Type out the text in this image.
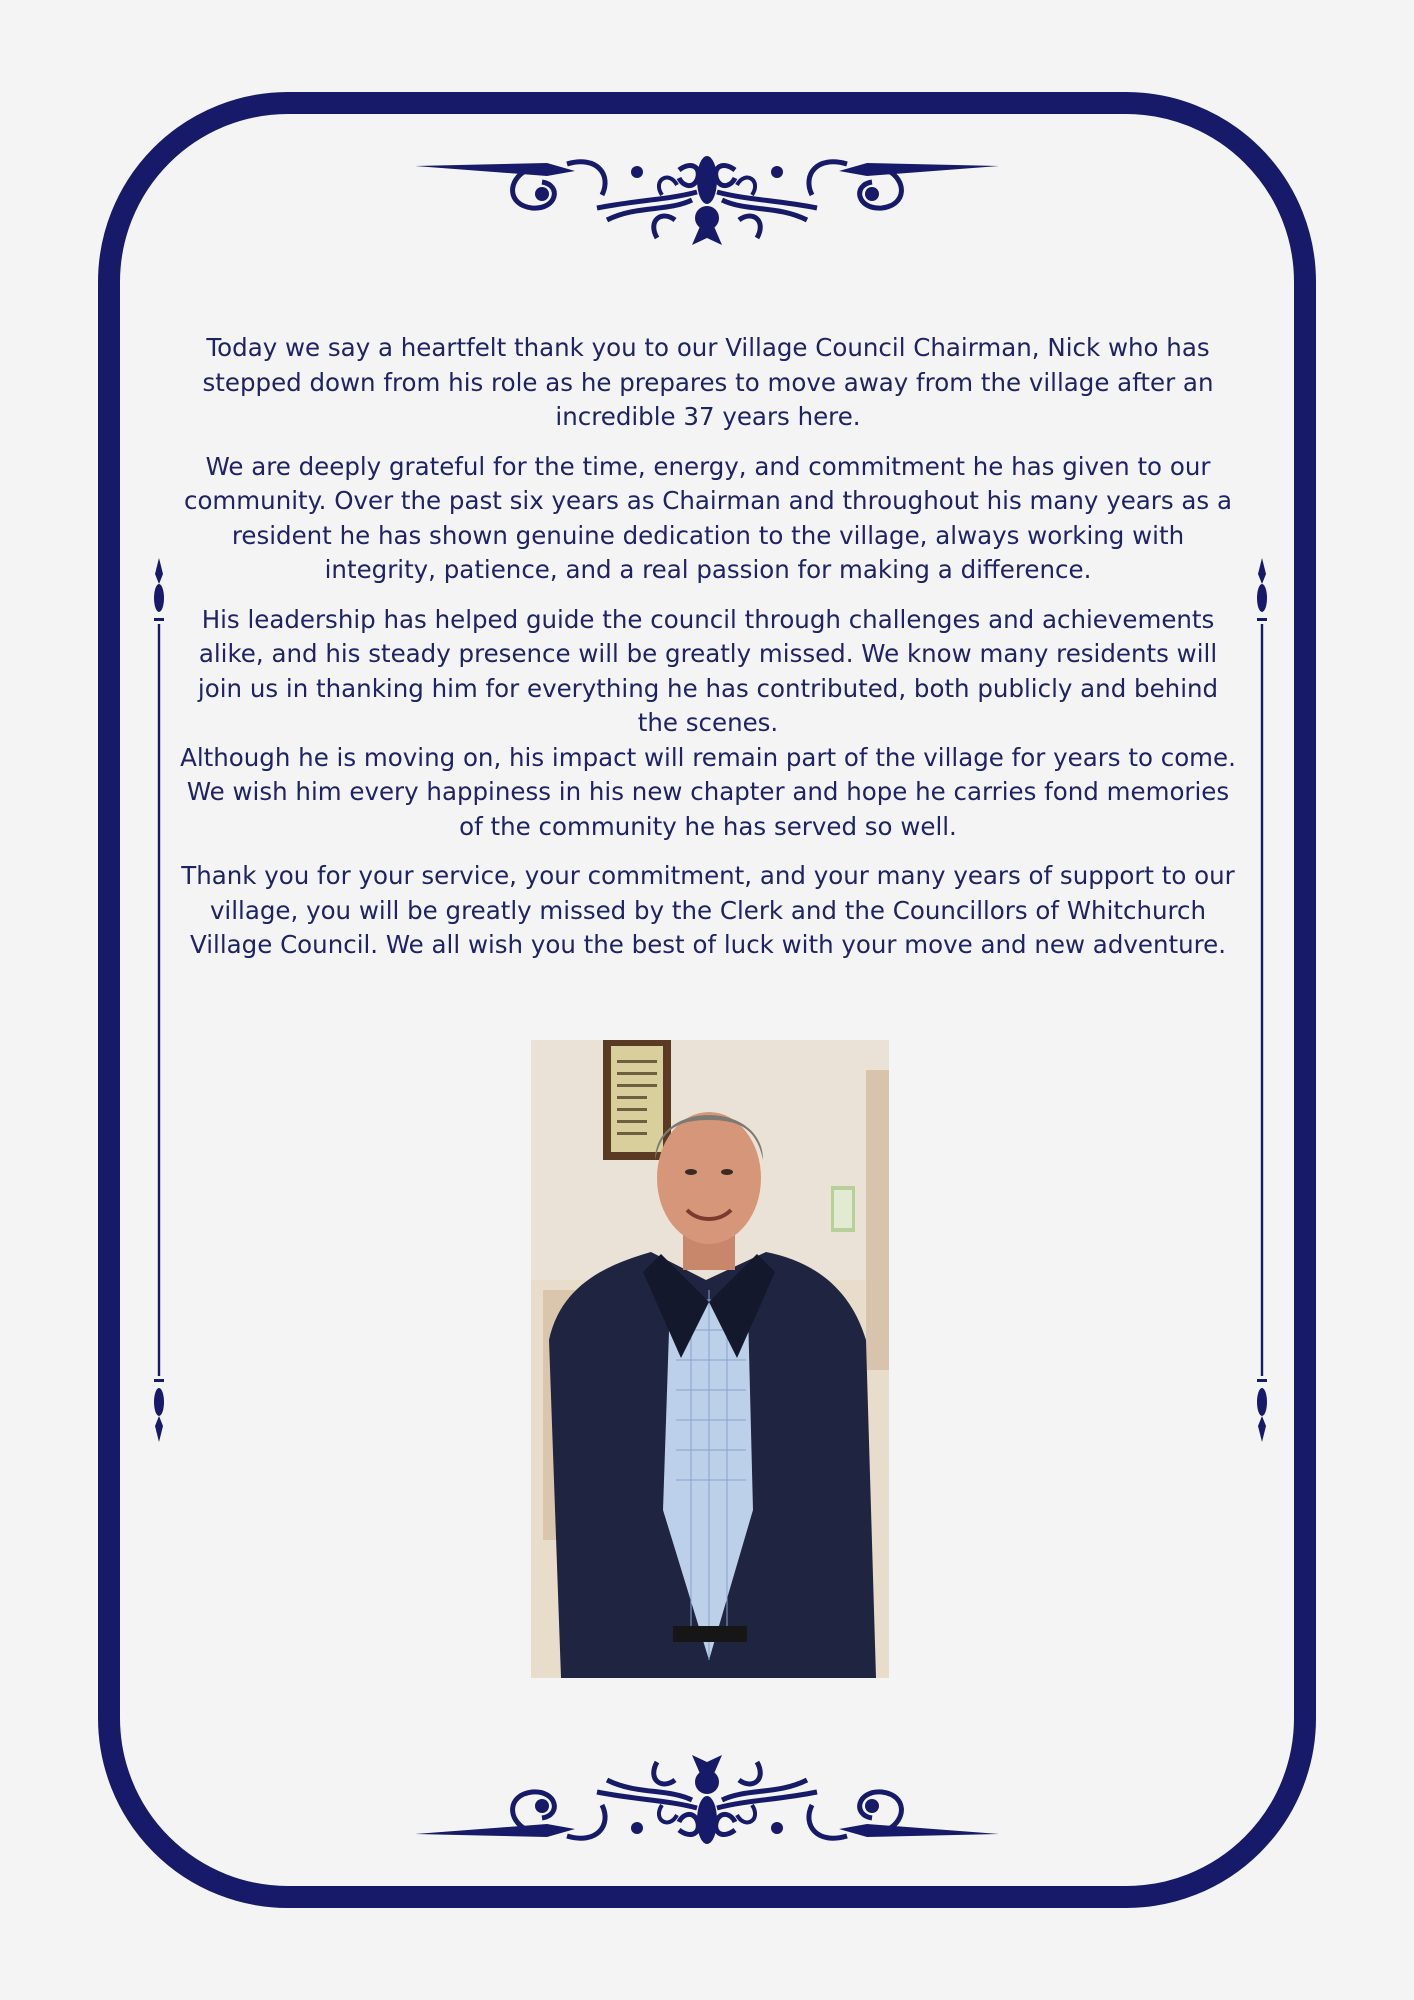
Today we say a heartfelt thank you to our Village Council Chairman, Nick who has stepped down from his role as he prepares to move away from the village after an incredible 37 years here.

We are deeply grateful for the time, energy, and commitment he has given to our community. Over the past six years as Chairman and throughout his many years as a resident he has shown genuine dedication to the village, always working with integrity, patience, and a real passion for making a difference.

His leadership has helped guide the council through challenges and achievements alike, and his steady presence will be greatly missed. We know many residents will join us in thanking him for everything he has contributed, both publicly and behind the scenes.

Although he is moving on, his impact will remain part of the village for years to come. We wish him every happiness in his new chapter and hope he carries fond memories of the community he has served so well.

Thank you for your service, your commitment, and your many years of support to our village, you will be greatly missed by the Clerk and the Councillors of Whitchurch Village Council. We all wish you the best of luck with your move and new adventure.
